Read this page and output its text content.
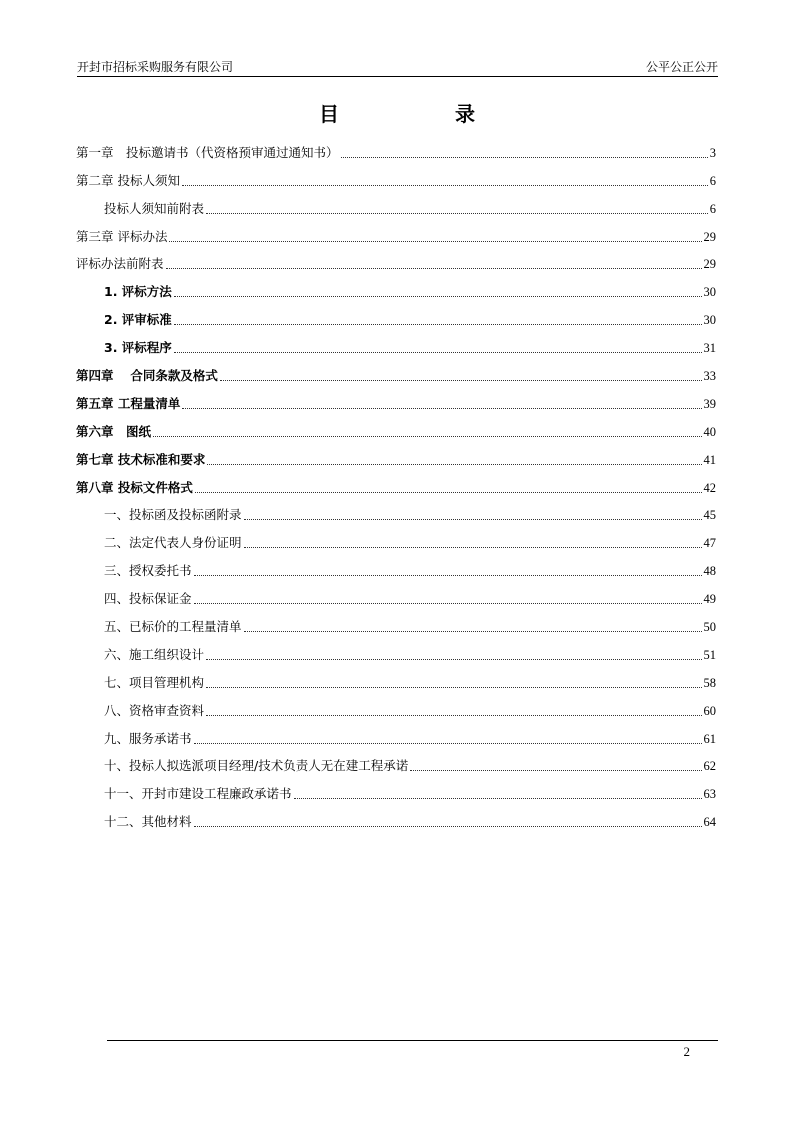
开封市招标采购服务有限公司	公平公正公开
目　录
第一章　投标邀请书（代资格预审通过通知书）	3
第二章 投标人须知	6
投标人须知前附表	6
第三章 评标办法	29
评标办法前附表	29
1. 评标方法	30
2. 评审标准	30
3. 评标程序	31
第四章　 合同条款及格式	33
第五章 工程量清单	39
第六章　图纸	40
第七章 技术标准和要求	41
第八章 投标文件格式	42
一、投标函及投标函附录	45
二、法定代表人身份证明	47
三、授权委托书	48
四、投标保证金	49
五、已标价的工程量清单	50
六、施工组织设计	51
七、项目管理机构	58
八、资格审查资料	60
九、服务承诺书	61
十、投标人拟选派项目经理/技术负责人无在建工程承诺	62
十一、开封市建设工程廉政承诺书	63
十二、其他材料	64
2
